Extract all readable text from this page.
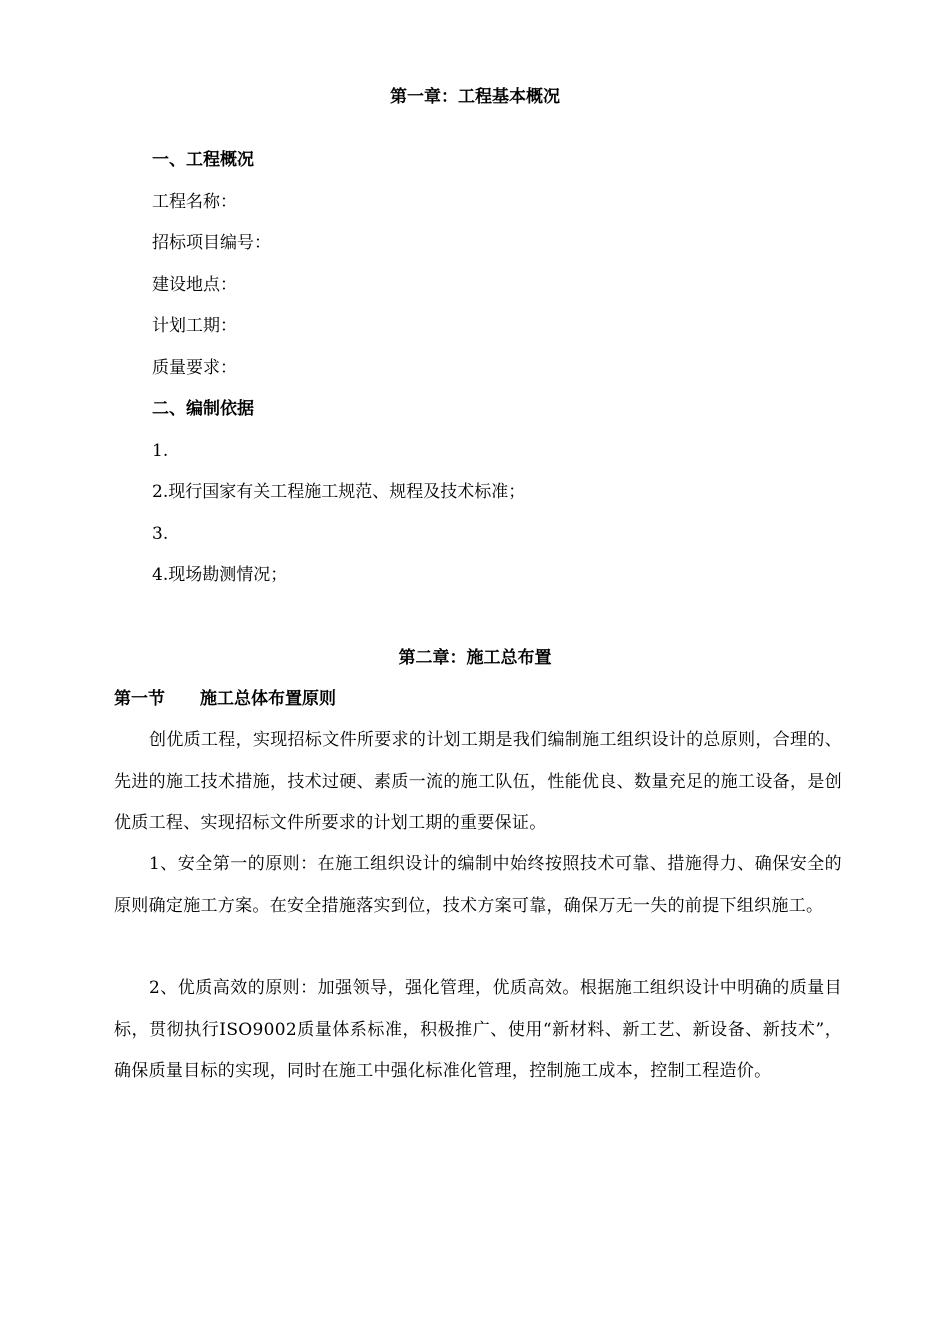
第一章：工程基本概况
一、工程概况
工程名称：
招标项目编号：
建设地点：
计划工期：
质量要求：
二、编制依据
1.
2.现行国家有关工程施工规范、规程及技术标准；
3.
4.现场勘测情况；
第二章：施工总布置
第一节 施工总体布置原则
创优质工程，实现招标文件所要求的计划工期是我们编制施工组织设计的总原则，合理的、先进的施工技术措施，技术过硬、素质一流的施工队伍，性能优良、数量充足的施工设备，是创优质工程、实现招标文件所要求的计划工期的重要保证。
1、安全第一的原则：在施工组织设计的编制中始终按照技术可靠、措施得力、确保安全的原则确定施工方案。在安全措施落实到位，技术方案可靠，确保万无一失的前提下组织施工。
2、优质高效的原则：加强领导，强化管理，优质高效。根据施工组织设计中明确的质量目标，贯彻执行ISO9002质量体系标准，积极推广、使用“新材料、新工艺、新设备、新技术”，确保质量目标的实现，同时在施工中强化标准化管理，控制施工成本，控制工程造价。
